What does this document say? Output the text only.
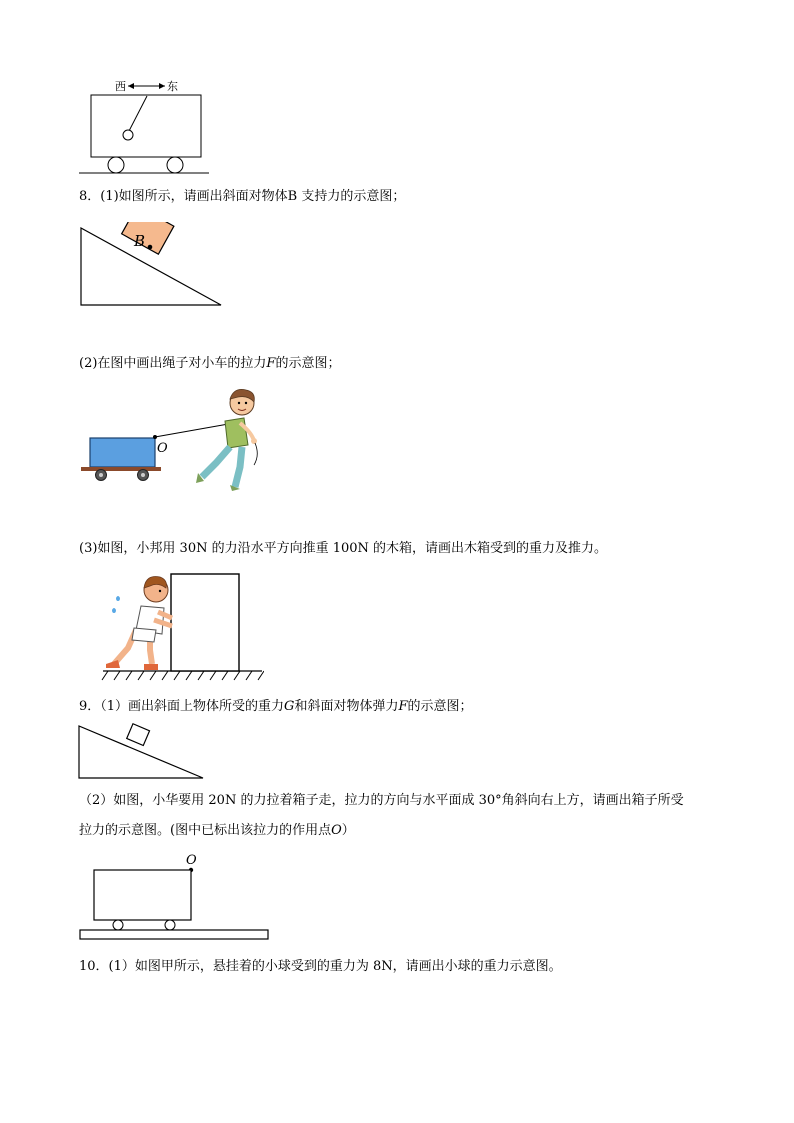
西	东
8．(1)如图所示，请画出斜面对物体B 支持力的示意图；
B
(2)在图中画出绳子对小车的拉力F的示意图；
O
(3)如图，小邦用 30N 的力沿水平方向推重 100N 的木箱，请画出木箱受到的重力及推力。
9．（1）画出斜面上物体所受的重力G和斜面对物体弹力F的示意图；
（2）如图，小华要用 20N 的力拉着箱子走，拉力的方向与水平面成 30°角斜向右上方，请画出箱子所受
拉力的示意图。(图中已标出该拉力的作用点O）
O
10．(1）如图甲所示，悬挂着的小球受到的重力为 8N，请画出小球的重力示意图。
